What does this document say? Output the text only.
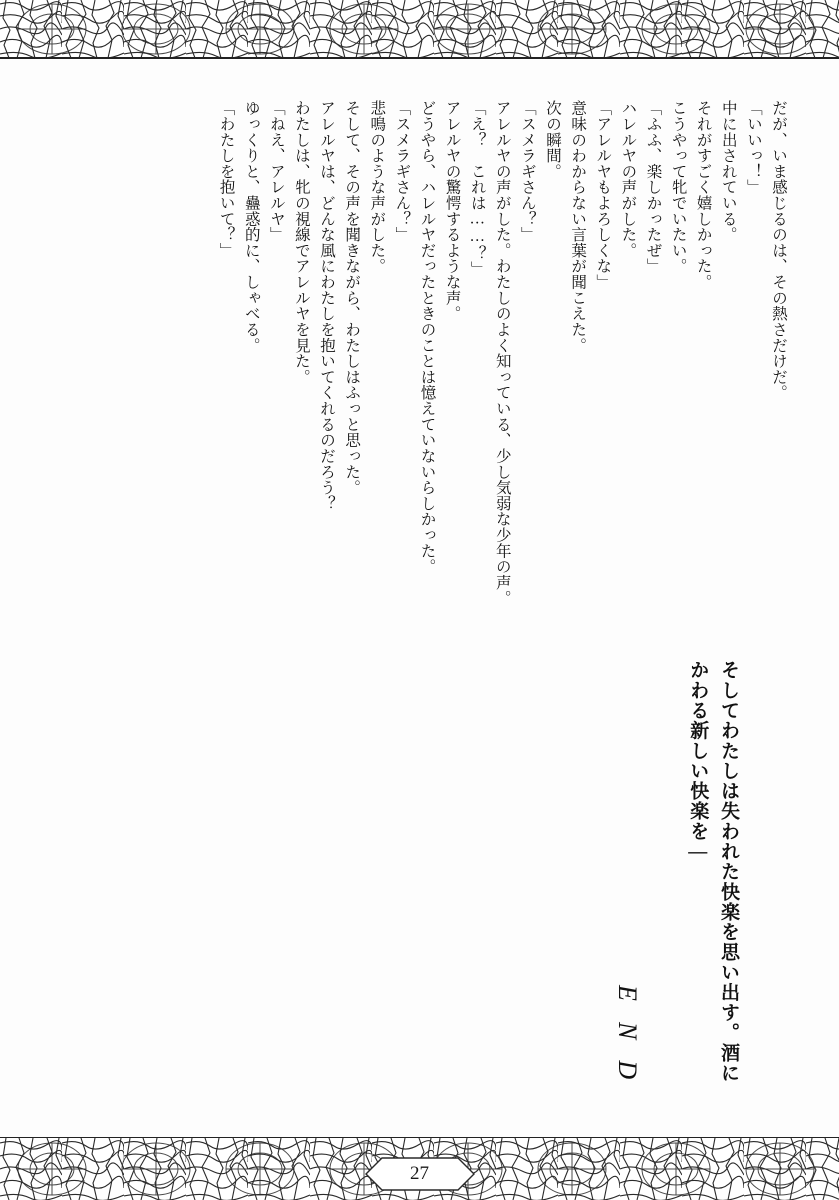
だが、いま感じるのは、その熱さだけだ。

「いいっ！」

中に出されている。

それがすごく嬉しかった。

こうやって牝でいたい。

「ふふ、楽しかったぜ」

ハレルヤの声がした。

「アレルヤもよろしくな」

意味のわからない言葉が聞こえた。

次の瞬間。

「スメラギさん？」

アレルヤの声がした。わたしのよく知っている、少し気弱な少年の声。

「え？　これは……？」

アレルヤの驚愕するような声。

どうやら、ハレルヤだったときのことは憶えていないらしかった。

「スメラギさん？」

悲鳴のような声がした。

そして、その声を聞きながら、わたしはふっと思った。

アレルヤは、どんな風にわたしを抱いてくれるのだろう？

わたしは、牝の視線でアレルヤを見た。

「ねえ、アレルヤ」

ゆっくりと、蠱惑的に、しゃべる。

「わたしを抱いて？」

そしてわたしは失われた快楽を思い出す。酒にかわる新しい快楽を—
E N D
27
